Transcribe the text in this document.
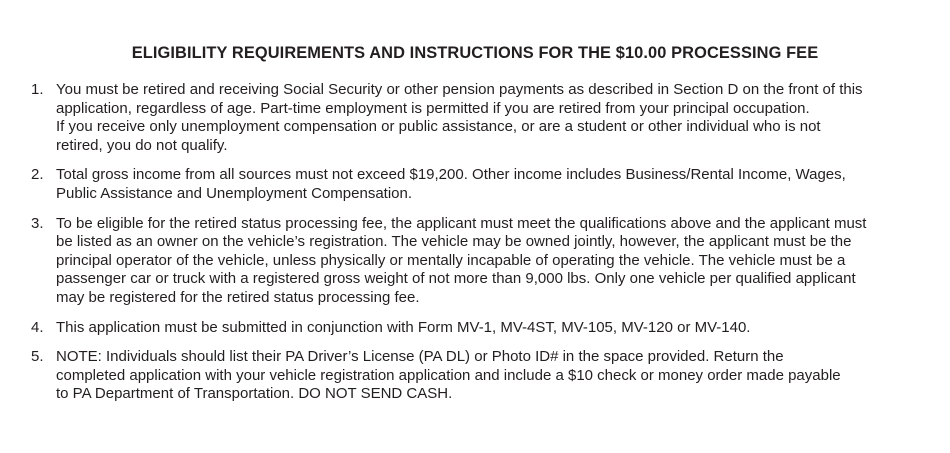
ELIGIBILITY REQUIREMENTS AND INSTRUCTIONS FOR THE $10.00 PROCESSING FEE
1. You must be retired and receiving Social Security or other pension payments as described in Section D on the front of this
application, regardless of age. Part-time employment is permitted if you are retired from your principal occupation.
If you receive only unemployment compensation or public assistance, or are a student or other individual who is not
retired, you do not qualify.
2. Total gross income from all sources must not exceed $19,200. Other income includes Business/Rental Income, Wages,
Public Assistance and Unemployment Compensation.
3. To be eligible for the retired status processing fee, the applicant must meet the qualifications above and the applicant must
be listed as an owner on the vehicle’s registration. The vehicle may be owned jointly, however, the applicant must be the
principal operator of the vehicle, unless physically or mentally incapable of operating the vehicle. The vehicle must be a
passenger car or truck with a registered gross weight of not more than 9,000 lbs. Only one vehicle per qualified applicant
may be registered for the retired status processing fee.
4. This application must be submitted in conjunction with Form MV-1, MV-4ST, MV-105, MV-120 or MV-140.
5. NOTE: Individuals should list their PA Driver’s License (PA DL) or Photo ID# in the space provided. Return the
completed application with your vehicle registration application and include a $10 check or money order made payable
to PA Department of Transportation. DO NOT SEND CASH.
